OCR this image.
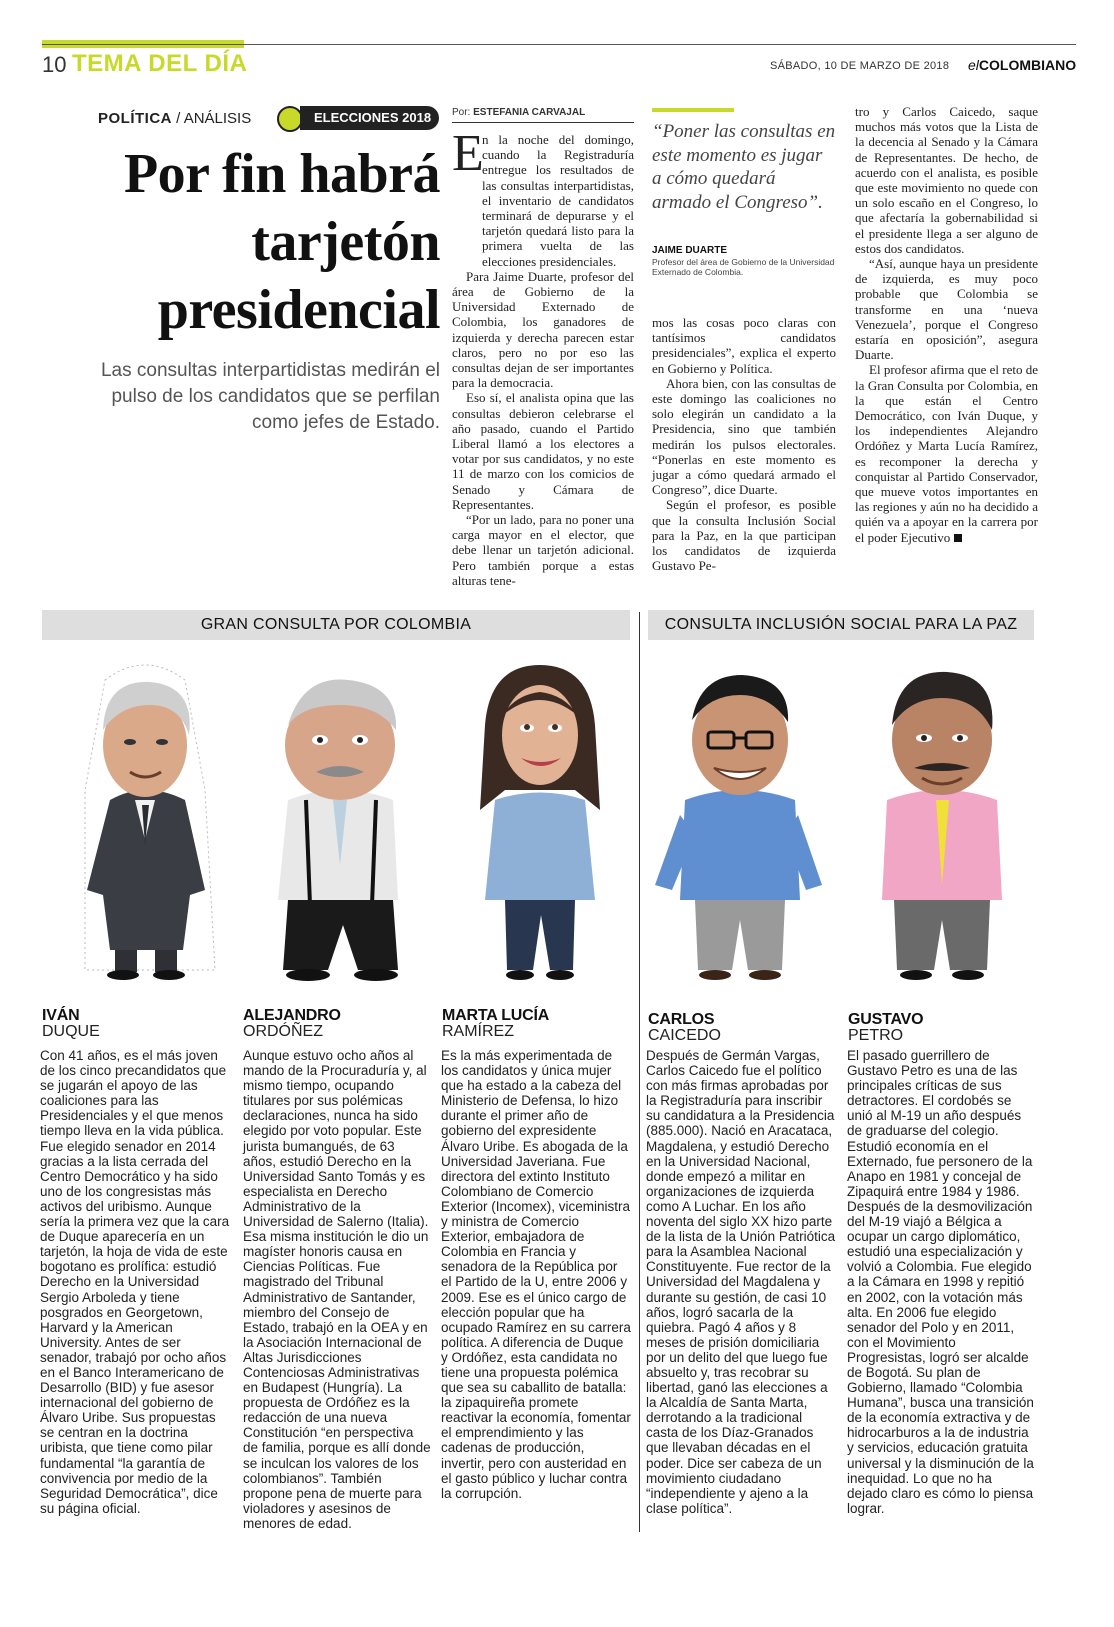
10 TEMA DEL DÍA	SÁBADO, 10 DE MARZO DE 2018 elCOLOMBIANO
POLÍTICA / ANÁLISIS	ELECCIONES 2018
Por fin habrá
tarjetón
presidencial
Las consultas interpartidistas medirán el pulso de los candidatos que se perfilan como jefes de Estado.
Por: ESTEFANIA CARVAJAL
E

n la noche del domingo, cuando la Registraduría entregue los resultados de las consultas interpartidistas, el inventario de candidatos terminará de depurarse y el tarjetón quedará listo para la primera vuelta de las elecciones presidenciales.

Para Jaime Duarte, profesor del área de Gobierno de la Universidad Externado de Colombia, los ganadores de izquierda y derecha parecen estar claros, pero no por eso las consultas dejan de ser importantes para la democracia.

Eso sí, el analista opina que las consultas debieron celebrarse el año pasado, cuando el Partido Liberal llamó a los electores a votar por sus candidatos, y no este 11 de marzo con los comicios de Senado y Cámara de Representantes.

“Por un lado, para no poner una carga mayor en el elector, que debe llenar un tarjetón adicional. Pero también porque a estas alturas tene-

“Poner las consultas en este momento es jugar a cómo quedará armado el Congreso”.
JAIME DUARTE
Profesor del área de Gobierno de la Universidad Externado de Colombia.

mos las cosas poco claras con tantísimos candidatos presidenciales”, explica el experto en Gobierno y Política.

Ahora bien, con las consultas de este domingo las coaliciones no solo elegirán un candidato a la Presidencia, sino que también medirán los pulsos electorales. “Ponerlas en este momento es jugar a cómo quedará armado el Congreso”, dice Duarte.

Según el profesor, es posible que la consulta Inclusión Social para la Paz, en la que participan los candidatos de izquierda Gustavo Pe-

tro y Carlos Caicedo, saque muchos más votos que la Lista de la decencia al Senado y la Cámara de Representantes. De hecho, de acuerdo con el analista, es posible que este movimiento no quede con un solo escaño en el Congreso, lo que afectaría la gobernabilidad si el presidente llega a ser alguno de estos dos candidatos.

“Así, aunque haya un presidente de izquierda, es muy poco probable que Colombia se transforme en una ‘nueva Venezuela’, porque el Congreso estaría en oposición”, asegura Duarte.

El profesor afirma que el reto de la Gran Consulta por Colombia, en la que están el Centro Democrático, con Iván Duque, y los independientes Alejandro Ordóñez y Marta Lucía Ramírez, es recomponer la derecha y conquistar al Partido Conservador, que mueve votos importantes en las regiones y aún no ha decidido a quién va a apoyar en la carrera por el poder Ejecutivo

GRAN CONSULTA POR COLOMBIA	CONSULTA INCLUSIÓN SOCIAL PARA LA PAZ
IVÁN
DUQUE

Con 41 años, es el más joven de los cinco precandidatos que se jugarán el apoyo de las coaliciones para las Presidenciales y el que menos tiempo lleva en la vida pública. Fue elegido senador en 2014 gracias a la lista cerrada del Centro Democrático y ha sido uno de los congresistas más activos del uribismo. Aunque sería la primera vez que la cara de Duque aparecería en un tarjetón, la hoja de vida de este bogotano es prolífica: estudió Derecho en la Universidad Sergio Arboleda y tiene posgrados en Georgetown, Harvard y la American University. Antes de ser senador, trabajó por ocho años en el Banco Interamericano de Desarrollo (BID) y fue asesor internacional del gobierno de Álvaro Uribe. Sus propuestas se centran en la doctrina uribista, que tiene como pilar fundamental “la garantía de convivencia por medio de la Seguridad Democrática”, dice su página oficial.

ALEJANDRO
ORDÓÑEZ

Aunque estuvo ocho años al mando de la Procuraduría y, al mismo tiempo, ocupando titulares por sus polémicas declaraciones, nunca ha sido elegido por voto popular. Este jurista bumangués, de 63 años, estudió Derecho en la Universidad Santo Tomás y es especialista en Derecho Administrativo de la Universidad de Salerno (Italia). Esa misma institución le dio un magíster honoris causa en Ciencias Políticas. Fue magistrado del Tribunal Administrativo de Santander, miembro del Consejo de Estado, trabajó en la OEA y en la Asociación Internacional de Altas Jurisdicciones Contenciosas Administrativas en Budapest (Hungría). La propuesta de Ordóñez es la redacción de una nueva Constitución “en perspectiva de familia, porque es allí donde se inculcan los valores de los colombianos”. También propone pena de muerte para violadores y asesinos de menores de edad.

MARTA LUCÍA
RAMÍREZ

Es la más experimentada de los candidatos y única mujer que ha estado a la cabeza del Ministerio de Defensa, lo hizo durante el primer año de gobierno del expresidente Álvaro Uribe. Es abogada de la Universidad Javeriana. Fue directora del extinto Instituto Colombiano de Comercio Exterior (Incomex), viceministra y ministra de Comercio Exterior, embajadora de Colombia en Francia y senadora de la República por el Partido de la U, entre 2006 y 2009. Ese es el único cargo de elección popular que ha ocupado Ramírez en su carrera política. A diferencia de Duque y Ordóñez, esta candidata no tiene una propuesta polémica que sea su caballito de batalla: la zipaquireña promete reactivar la economía, fomentar el emprendimiento y las cadenas de producción, invertir, pero con austeridad en el gasto público y luchar contra la corrupción.

CARLOS
CAICEDO

Después de Germán Vargas, Carlos Caicedo fue el político con más firmas aprobadas por la Registraduría para inscribir su candidatura a la Presidencia (885.000). Nació en Aracataca, Magdalena, y estudió Derecho en la Universidad Nacional, donde empezó a militar en organizaciones de izquierda como A Luchar. En los año noventa del siglo XX hizo parte de la lista de la Unión Patriótica para la Asamblea Nacional Constituyente. Fue rector de la Universidad del Magdalena y durante su gestión, de casi 10 años, logró sacarla de la quiebra. Pagó 4 años y 8 meses de prisión domiciliaria por un delito del que luego fue absuelto y, tras recobrar su libertad, ganó las elecciones a la Alcaldía de Santa Marta, derrotando a la tradicional casta de los Díaz-Granados que llevaban décadas en el poder. Dice ser cabeza de un movimiento ciudadano “independiente y ajeno a la clase política”.

GUSTAVO
PETRO

El pasado guerrillero de Gustavo Petro es una de las principales críticas de sus detractores. El cordobés se unió al M-19 un año después de graduarse del colegio. Estudió economía en el Externado, fue personero de la Anapo en 1981 y concejal de Zipaquirá entre 1984 y 1986. Después de la desmovilización del M-19 viajó a Bélgica a ocupar un cargo diplomático, estudió una especialización y volvió a Colombia. Fue elegido a la Cámara en 1998 y repitió en 2002, con la votación más alta. En 2006 fue elegido senador del Polo y en 2011, con el Movimiento Progresistas, logró ser alcalde de Bogotá. Su plan de Gobierno, llamado “Colombia Humana”, busca una transición de la economía extractiva y de hidrocarburos a la de industria y servicios, educación gratuita universal y la disminución de la inequidad. Lo que no ha dejado claro es cómo lo piensa lograr.
